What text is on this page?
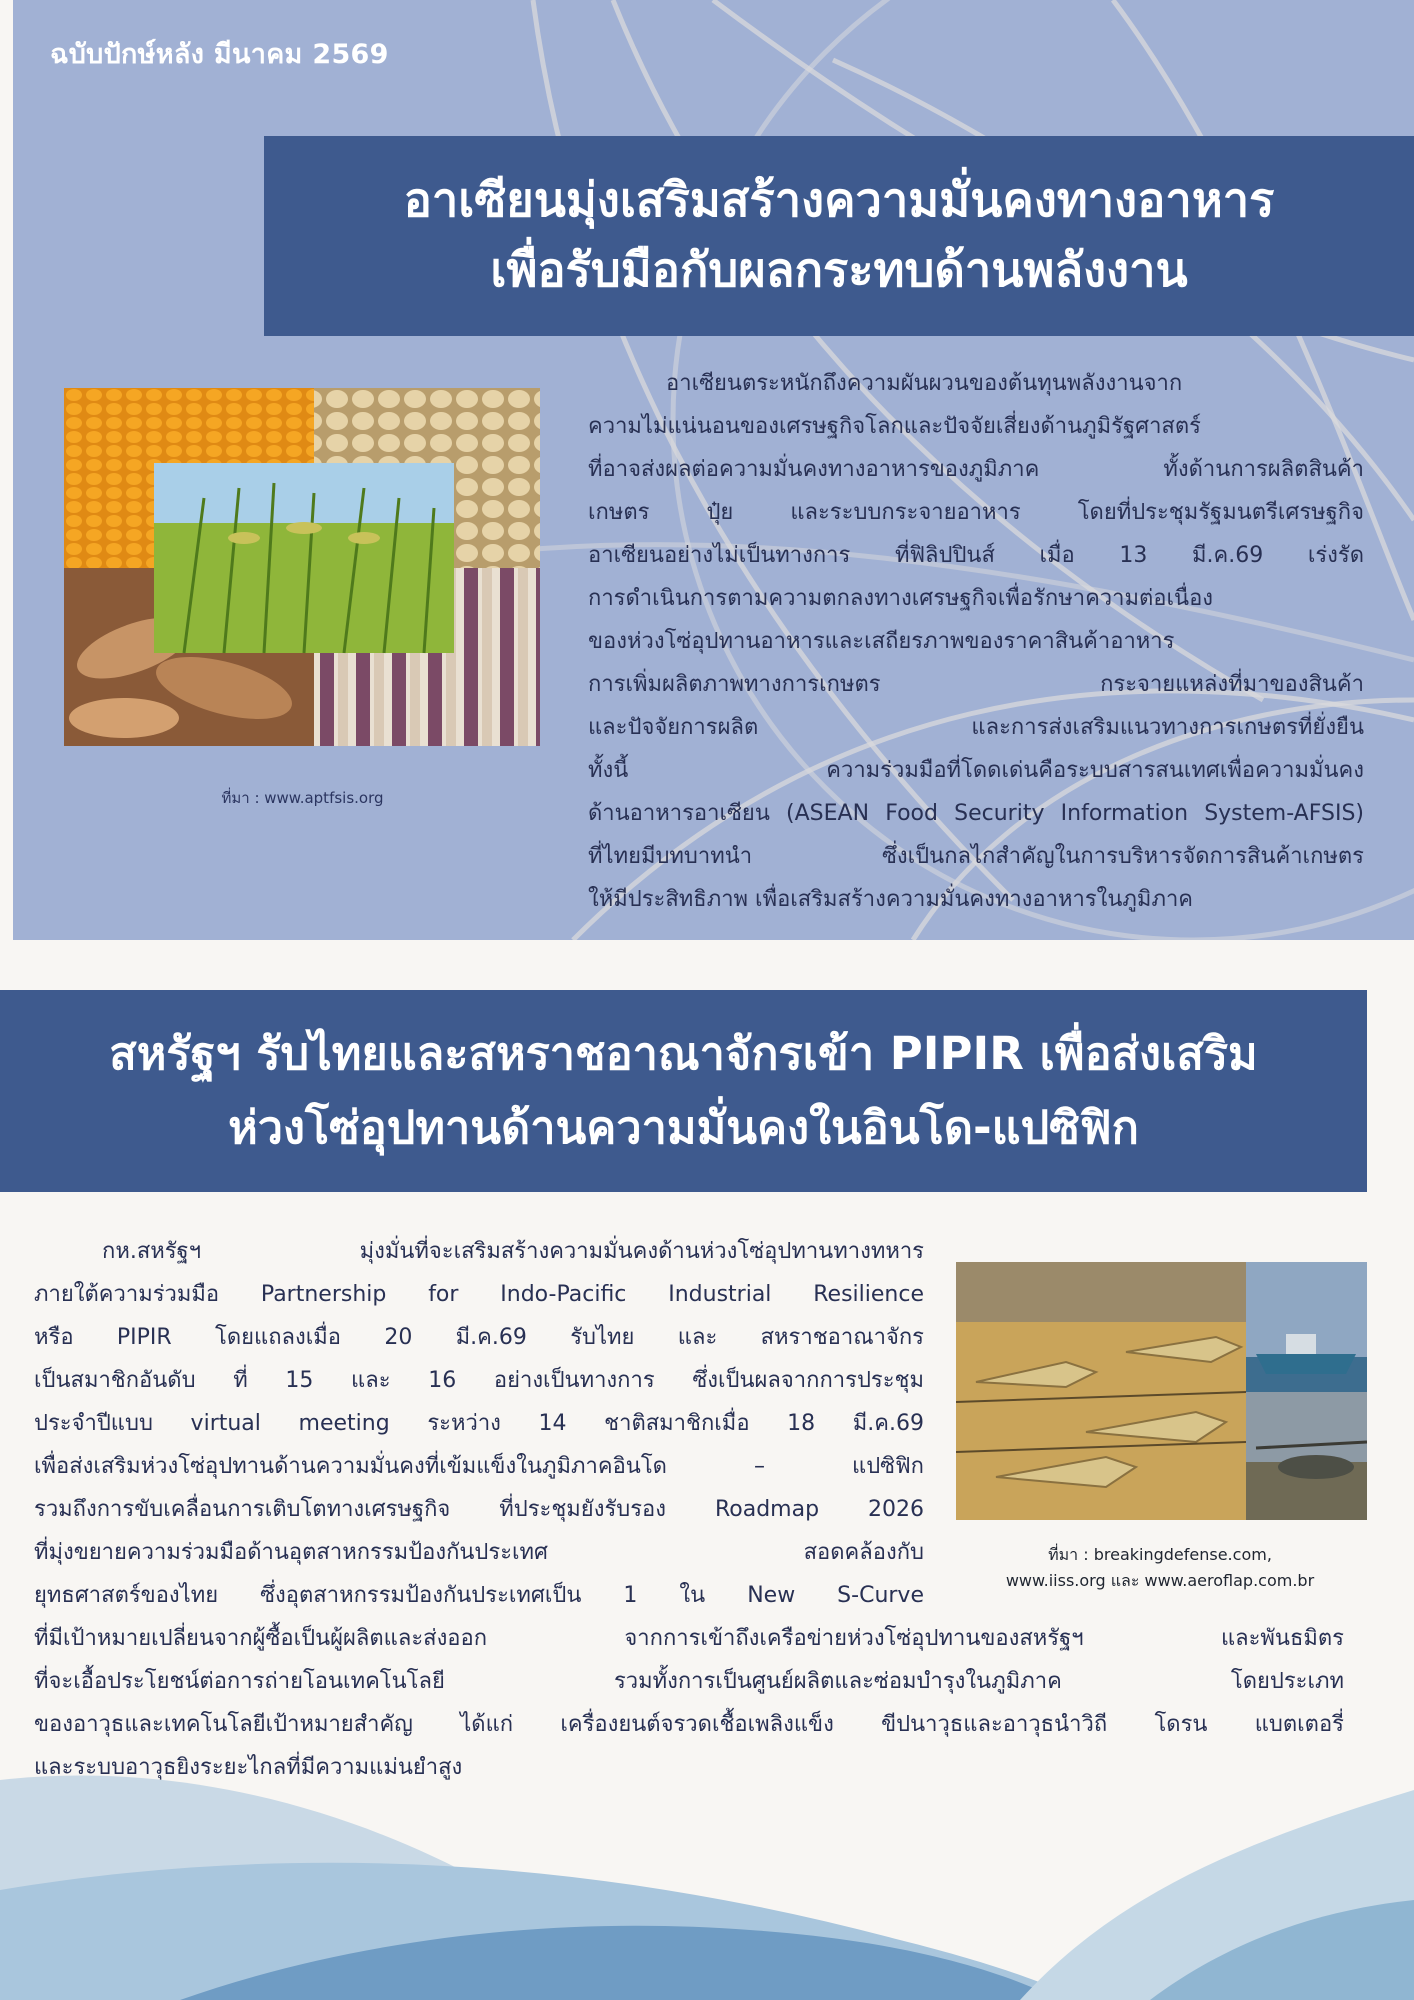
ฉบับปักษ์หลัง มีนาคม 2569
อาเซียนมุ่งเสริมสร้างความมั่นคงทางอาหาร
เพื่อรับมือกับผลกระทบด้านพลังงาน
ที่มา : www.aptfsis.org
อาเซียนตระหนักถึงความผันผวนของต้นทุนพลังงานจาก
ความไม่แน่นอนของเศรษฐกิจโลกและปัจจัยเสี่ยงด้านภูมิรัฐศาสตร์
ที่อาจส่งผลต่อความมั่นคงทางอาหารของภูมิภาค ทั้งด้านการผลิตสินค้า
เกษตร ปุ๋ย และระบบกระจายอาหาร โดยที่ประชุมรัฐมนตรีเศรษฐกิจ
อาเซียนอย่างไม่เป็นทางการ ที่ฟิลิปปินส์ เมื่อ 13 มี.ค.69 เร่งรัด
การดำเนินการตามความตกลงทางเศรษฐกิจเพื่อรักษาความต่อเนื่อง
ของห่วงโซ่อุปทานอาหารและเสถียรภาพของราคาสินค้าอาหาร
การเพิ่มผลิตภาพทางการเกษตร กระจายแหล่งที่มาของสินค้า
และปัจจัยการผลิต และการส่งเสริมแนวทางการเกษตรที่ยั่งยืน
ทั้งนี้ ความร่วมมือที่โดดเด่นคือระบบสารสนเทศเพื่อความมั่นคง
ด้านอาหารอาเซียน (ASEAN Food Security Information System-AFSIS)
ที่ไทยมีบทบาทนำ ซึ่งเป็นกลไกสำคัญในการบริหารจัดการสินค้าเกษตร
ให้มีประสิทธิภาพ เพื่อเสริมสร้างความมั่นคงทางอาหารในภูมิภาค
สหรัฐฯ รับไทยและสหราชอาณาจักรเข้า PIPIR เพื่อส่งเสริม
ห่วงโซ่อุปทานด้านความมั่นคงในอินโด-แปซิฟิก
กห.สหรัฐฯ มุ่งมั่นที่จะเสริมสร้างความมั่นคงด้านห่วงโซ่อุปทานทางทหาร
ภายใต้ความร่วมมือ Partnership for Indo-Pacific Industrial Resilience
หรือ PIPIR โดยแถลงเมื่อ 20 มี.ค.69 รับไทย และ สหราชอาณาจักร
เป็นสมาชิกอันดับ ที่ 15 และ 16 อย่างเป็นทางการ ซึ่งเป็นผลจากการประชุม
ประจำปีแบบ virtual meeting ระหว่าง 14 ชาติสมาชิกเมื่อ 18 มี.ค.69
เพื่อส่งเสริมห่วงโซ่อุปทานด้านความมั่นคงที่เข้มแข็งในภูมิภาคอินโด – แปซิฟิก
รวมถึงการขับเคลื่อนการเติบโตทางเศรษฐกิจ ที่ประชุมยังรับรอง Roadmap 2026
ที่มุ่งขยายความร่วมมือด้านอุตสาหกรรมป้องกันประเทศ สอดคล้องกับ
ยุทธศาสตร์ของไทย ซึ่งอุตสาหกรรมป้องกันประเทศเป็น 1 ใน New S-Curve
ที่มีเป้าหมายเปลี่ยนจากผู้ซื้อเป็นผู้ผลิตและส่งออก จากการเข้าถึงเครือข่ายห่วงโซ่อุปทานของสหรัฐฯ และพันธมิตร
ที่จะเอื้อประโยชน์ต่อการถ่ายโอนเทคโนโลยี รวมทั้งการเป็นศูนย์ผลิตและซ่อมบำรุงในภูมิภาค โดยประเภท
ของอาวุธและเทคโนโลยีเป้าหมายสำคัญ ได้แก่ เครื่องยนต์จรวดเชื้อเพลิงแข็ง ขีปนาวุธและอาวุธนำวิถี โดรน แบตเตอรี่
และระบบอาวุธยิงระยะไกลที่มีความแม่นยำสูง
ที่มา : breakingdefense.com,
www.iiss.org และ www.aeroflap.com.br
